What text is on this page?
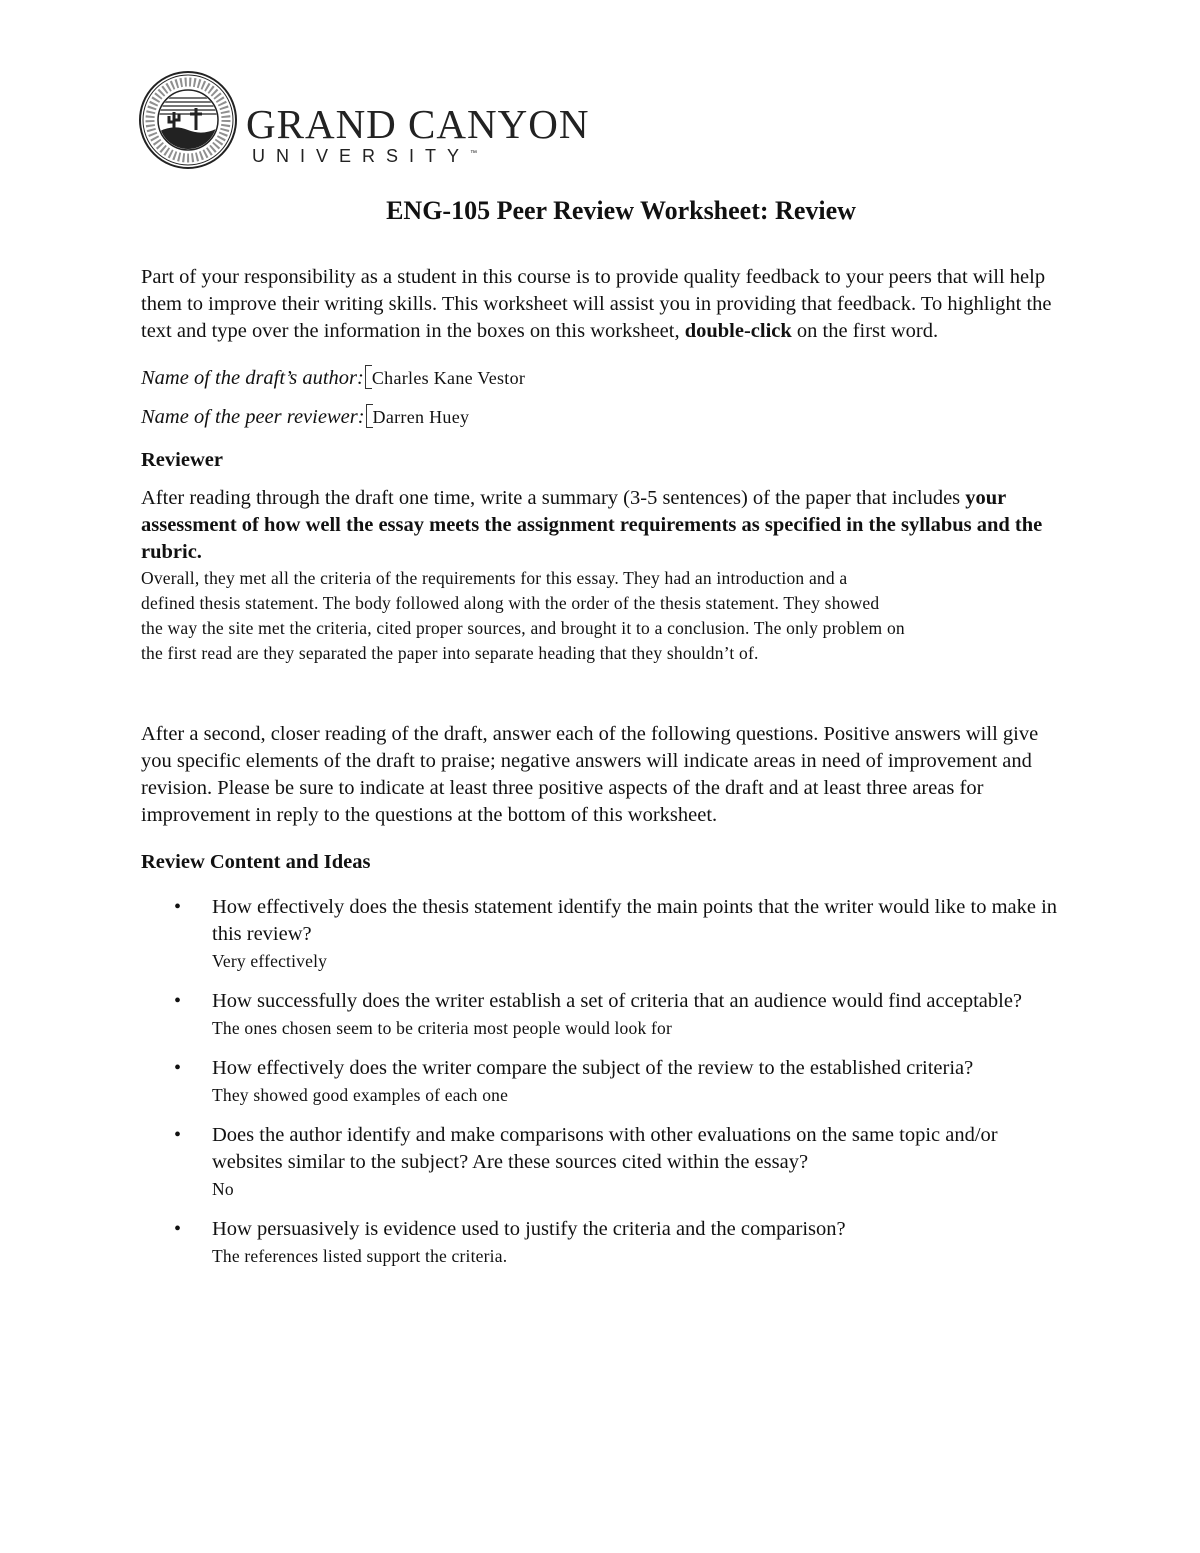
GRAND CANYON
UNIVERSITY™
ENG-105 Peer Review Worksheet: Review

Part of your responsibility as a student in this course is to provide quality feedback to your peers that will help them to improve their writing skills. This worksheet will assist you in providing that feedback. To highlight the text and type over the information in the boxes on this worksheet, double-click on the first word.

Name of the draft’s author: Charles Kane Vestor
Name of the peer reviewer: Darren Huey
Reviewer

After reading through the draft one time, write a summary (3-5 sentences) of the paper that includes your assessment of how well the essay meets the assignment requirements as specified in the syllabus and the rubric.

Overall, they met all the criteria of the requirements for this essay. They had an introduction and a
defined thesis statement. The body followed along with the order of the thesis statement. They showed
the way the site met the criteria, cited proper sources, and brought it to a conclusion. The only problem on
the first read are they separated the paper into separate heading that they shouldn’t of.

After a second, closer reading of the draft, answer each of the following questions. Positive answers will give you specific elements of the draft to praise; negative answers will indicate areas in need of improvement and revision. Please be sure to indicate at least three positive aspects of the draft and at least three areas for improvement in reply to the questions at the bottom of this worksheet.

Review Content and Ideas
• How effectively does the thesis statement identify the main points that the writer would like to make in this review?
Very effectively
• How successfully does the writer establish a set of criteria that an audience would find acceptable?
The ones chosen seem to be criteria most people would look for
• How effectively does the writer compare the subject of the review to the established criteria?
They showed good examples of each one
• Does the author identify and make comparisons with other evaluations on the same topic and/or websites similar to the subject? Are these sources cited within the essay?
No
• How persuasively is evidence used to justify the criteria and the comparison?
The references listed support the criteria.
